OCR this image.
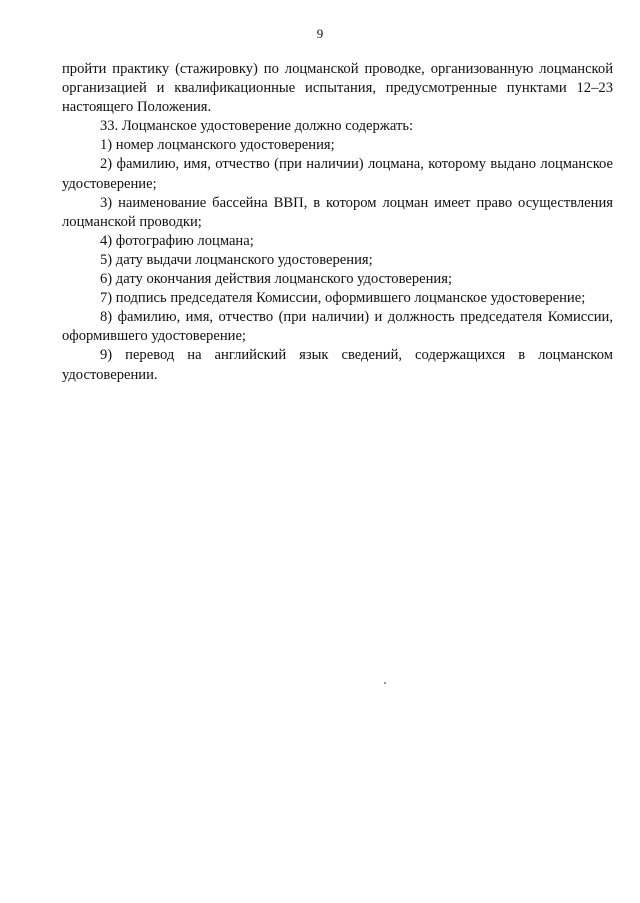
9

пройти практику (стажировку) по лоцманской проводке, организованную лоцманской организацией и квалификационные испытания, предусмотренные пунктами 12–23 настоящего Положения.

33. Лоцманское удостоверение должно содержать:

1) номер лоцманского удостоверения;

2) фамилию, имя, отчество (при наличии) лоцмана, которому выдано лоцманское удостоверение;

3) наименование бассейна ВВП, в котором лоцман имеет право осуществления лоцманской проводки;

4) фотографию лоцмана;

5) дату выдачи лоцманского удостоверения;

6) дату окончания действия лоцманского удостоверения;

7) подпись председателя Комиссии, оформившего лоцманское удостоверение;

8) фамилию, имя, отчество (при наличии) и должность председателя Комиссии, оформившего удостоверение;

9) перевод на английский язык сведений, содержащихся в лоцманском удостоверении.
